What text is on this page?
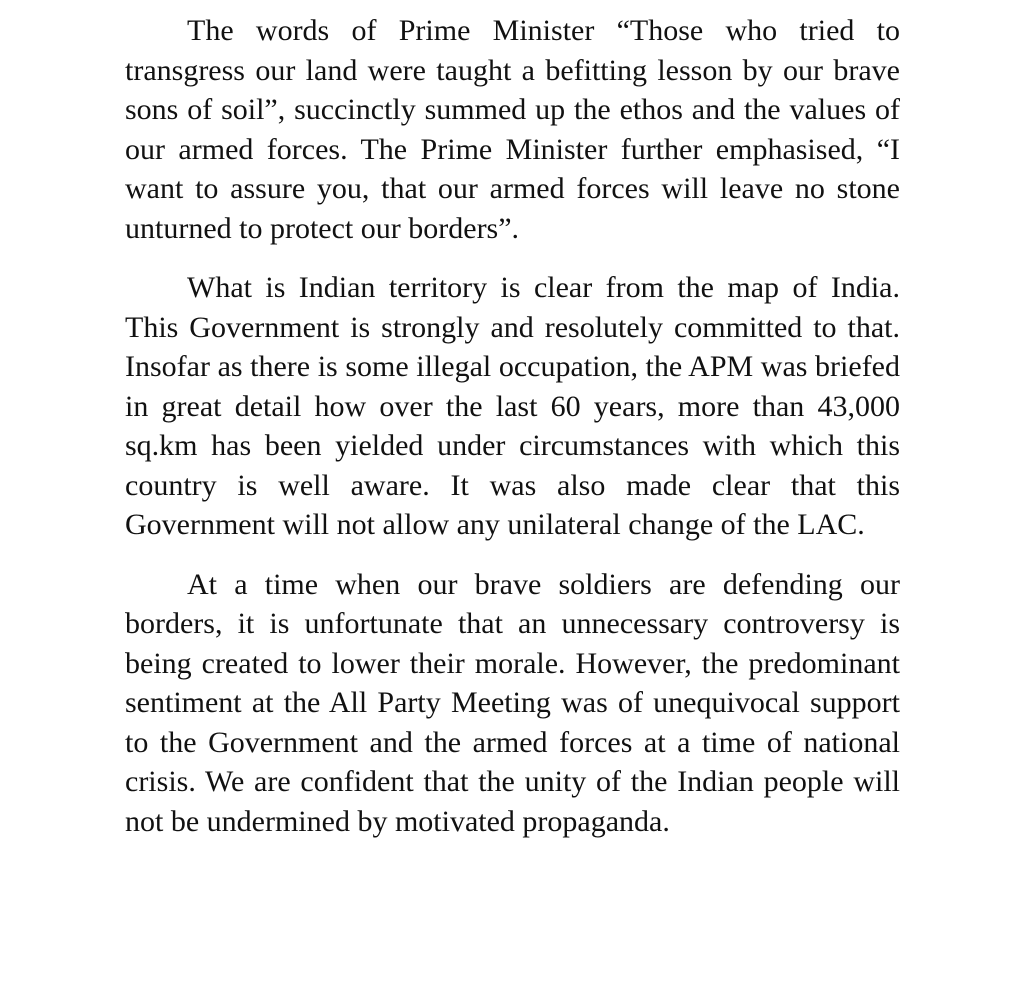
The words of Prime Minister “Those who tried to transgress our land were taught a befitting lesson by our brave sons of soil”, succinctly summed up the ethos and the values of our armed forces. The Prime Minister further emphasised, “I want to assure you, that our armed forces will leave no stone unturned to protect our borders”.

What is Indian territory is clear from the map of India. This Government is strongly and resolutely committed to that. Insofar as there is some illegal occupation, the APM was briefed in great detail how over the last 60 years, more than 43,000 sq.km has been yielded under circumstances with which this country is well aware. It was also made clear that this Government will not allow any unilateral change of the LAC.

At a time when our brave soldiers are defending our borders, it is unfortunate that an unnecessary controversy is being created to lower their morale. However, the predominant sentiment at the All Party Meeting was of unequivocal support to the Government and the armed forces at a time of national crisis. We are confident that the unity of the Indian people will not be undermined by motivated propaganda.
